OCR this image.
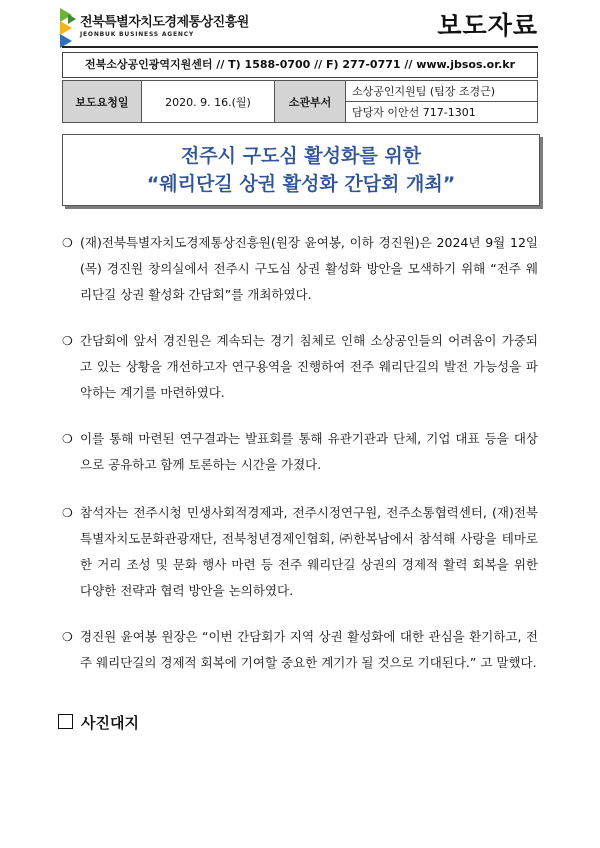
전북특별자치도경제통상진흥원
JEONBUK BUSINESS AGENCY	보도자료
전북소상공인광역지원센터 // T) 1588-0700 // F) 277-0771 // www.jbsos.or.kr
보도요청일	2020. 9. 16.(월)	소관부서	소상공인지원팀 (팀장 조경근)
담당자 이안선 717-1301
전주시 구도심 활성화를 위한
“웨리단길 상권 활성화 간담회 개최”
❍ (재)전북특별자치도경제통상진흥원(원장 윤여봉, 이하 경진원)은 2024년 9월 12일(목) 경진원 창의실에서 전주시 구도심 상권 활성화 방안을 모색하기 위해 “전주 웨리단길 상권 활성화 간담회”를 개최하였다.
❍ 간담회에 앞서 경진원은 계속되는 경기 침체로 인해 소상공인들의 어려움이 가중되고 있는 상황을 개선하고자 연구용역을 진행하여 전주 웨리단길의 발전 가능성을 파악하는 계기를 마련하였다.
❍ 이를 통해 마련된 연구결과는 발표회를 통해 유관기관과 단체, 기업 대표 등을 대상으로 공유하고 함께 토론하는 시간을 가졌다.
❍ 참석자는 전주시청 민생사회적경제과, 전주시정연구원, 전주소통협력센터, (재)전북특별자치도문화관광재단, 전북청년경제인협회, ㈜한복남에서 참석해 사랑을 테마로 한 거리 조성 및 문화 행사 마련 등 전주 웨리단길 상권의 경제적 활력 회복을 위한 다양한 전략과 협력 방안을 논의하였다.
❍ 경진원 윤여봉 원장은 “이번 간담회가 지역 상권 활성화에 대한 관심을 환기하고, 전주 웨리단길의 경제적 회복에 기여할 중요한 계기가 될 것으로 기대된다.” 고 말했다.
사진대지
